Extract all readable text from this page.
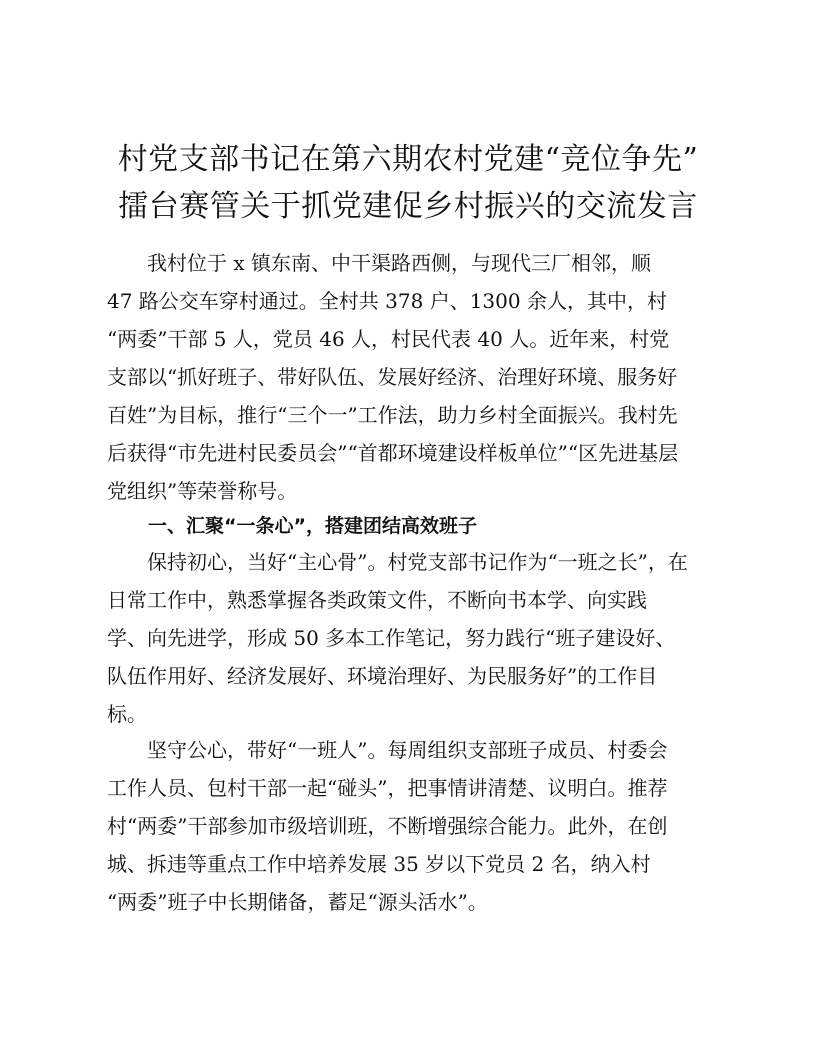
村党支部书记在第六期农村党建“竞位争先”
擂台赛管关于抓党建促乡村振兴的交流发言

　　我村位于 x 镇东南、中干渠路西侧，与现代三厂相邻，顺
47 路公交车穿村通过。全村共 378 户、1300 余人，其中，村
“两委”干部 5 人，党员 46 人，村民代表 40 人。近年来，村党
支部以“抓好班子、带好队伍、发展好经济、治理好环境、服务好
百姓”为目标，推行“三个一”工作法，助力乡村全面振兴。我村先
后获得“市先进村民委员会”“首都环境建设样板单位”“区先进基层
党组织”等荣誉称号。

一、汇聚“一条心”，搭建团结高效班子

　　保持初心，当好“主心骨”。村党支部书记作为“一班之长”，在
日常工作中，熟悉掌握各类政策文件，不断向书本学、向实践
学、向先进学，形成 50 多本工作笔记，努力践行“班子建设好、
队伍作用好、经济发展好、环境治理好、为民服务好”的工作目
标。

　　坚守公心，带好“一班人”。每周组织支部班子成员、村委会
工作人员、包村干部一起“碰头”，把事情讲清楚、议明白。推荐
村“两委”干部参加市级培训班，不断增强综合能力。此外，在创
城、拆违等重点工作中培养发展 35 岁以下党员 2 名，纳入村
“两委”班子中长期储备，蓄足“源头活水”。
